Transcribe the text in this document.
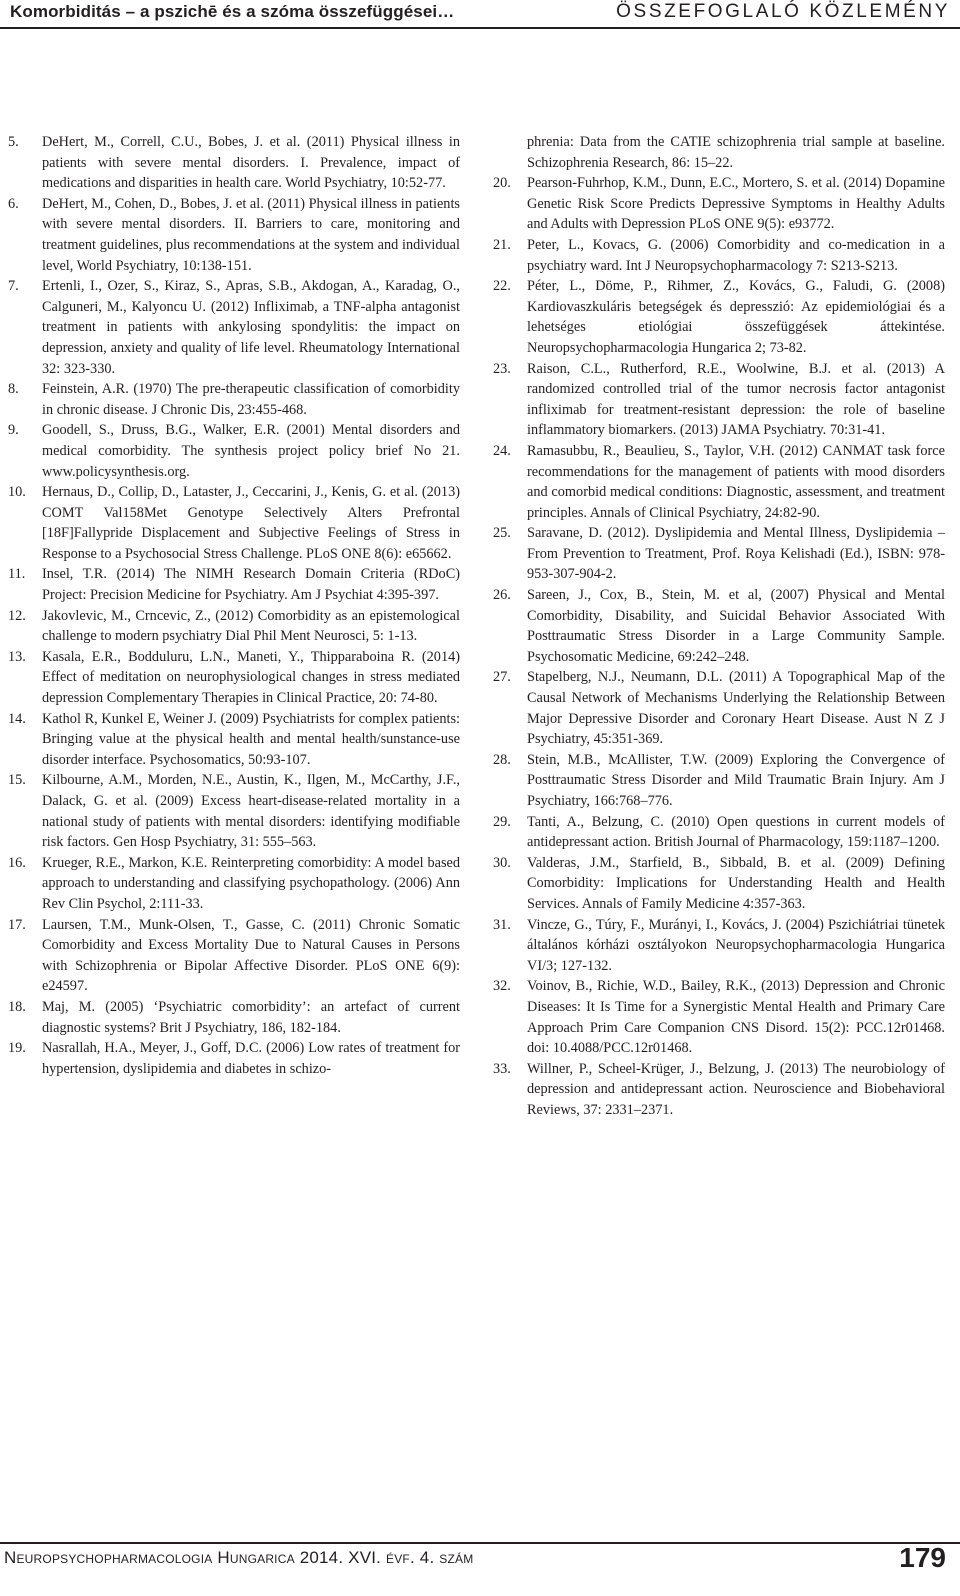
Komorbiditás – a pszichē és a szóma összefüggései…	ÖSSZEFOGLALÓ KÖZLEMÉNY
5.	DeHert, M., Correll, C.U., Bobes, J. et al. (2011) Physical illness in patients with severe mental disorders. I. Prevalence, impact of medications and disparities in health care. World Psychiatry, 10:52-77.
6.	DeHert, M., Cohen, D., Bobes, J. et al. (2011) Physical illness in patients with severe mental disorders. II. Barriers to care, monitoring and treatment guidelines, plus recommendations at the system and individual level, World Psychiatry, 10:138-151.
7.	Ertenli, I., Ozer, S., Kiraz, S., Apras, S.B., Akdogan, A., Karadag, O., Calguneri, M., Kalyoncu U. (2012) Infliximab, a TNF-alpha antagonist treatment in patients with ankylosing spondylitis: the impact on depression, anxiety and quality of life level. Rheumatology International 32: 323-330.
8.	Feinstein, A.R. (1970) The pre-therapeutic classification of comorbidity in chronic disease. J Chronic Dis, 23:455-468.
9.	Goodell, S., Druss, B.G., Walker, E.R. (2001) Mental disorders and medical comorbidity. The synthesis project policy brief No 21. www.policysynthesis.org.
10.	Hernaus, D., Collip, D., Lataster, J., Ceccarini, J., Kenis, G. et al. (2013) COMT Val158Met Genotype Selectively Alters Prefrontal [18F]Fallypride Displacement and Subjective Feelings of Stress in Response to a Psychosocial Stress Challenge. PLoS ONE 8(6): e65662.
11.	Insel, T.R. (2014) The NIMH Research Domain Criteria (RDoC) Project: Precision Medicine for Psychiatry. Am J Psychiat 4:395-397.
12.	Jakovlevic, M., Crncevic, Z., (2012) Comorbidity as an epistemological challenge to modern psychiatry Dial Phil Ment Neurosci, 5: 1-13.
13.	Kasala, E.R., Bodduluru, L.N., Maneti, Y., Thipparaboina R. (2014) Effect of meditation on neurophysiological changes in stress mediated depression Complementary Therapies in Clinical Practice, 20: 74-80.
14.	Kathol R, Kunkel E, Weiner J. (2009) Psychiatrists for complex patients: Bringing value at the physical health and mental health/sunstance-use disorder interface. Psychosomatics, 50:93-107.
15.	Kilbourne, A.M., Morden, N.E., Austin, K., Ilgen, M., McCarthy, J.F., Dalack, G. et al. (2009) Excess heart-disease-related mortality in a national study of patients with mental disorders: identifying modifiable risk factors. Gen Hosp Psychiatry, 31: 555–563.
16.	Krueger, R.E., Markon, K.E. Reinterpreting comorbidity: A model based approach to understanding and classifying psychopathology. (2006) Ann Rev Clin Psychol, 2:111-33.
17.	Laursen, T.M., Munk-Olsen, T., Gasse, C. (2011) Chronic Somatic Comorbidity and Excess Mortality Due to Natural Causes in Persons with Schizophrenia or Bipolar Affective Disorder. PLoS ONE 6(9): e24597.
18.	Maj, M. (2005) ‘Psychiatric comorbidity’: an artefact of current diagnostic systems? Brit J Psychiatry, 186, 182-184.
19.	Nasrallah, H.A., Meyer, J., Goff, D.C. (2006) Low rates of treatment for hypertension, dyslipidemia and diabetes in schizo-
phrenia: Data from the CATIE schizophrenia trial sample at baseline. Schizophrenia Research, 86: 15–22.
20.	Pearson-Fuhrhop, K.M., Dunn, E.C., Mortero, S. et al. (2014) Dopamine Genetic Risk Score Predicts Depressive Symptoms in Healthy Adults and Adults with Depression PLoS ONE 9(5): e93772.
21.	Peter, L., Kovacs, G. (2006) Comorbidity and co-medication in a psychiatry ward. Int J Neuropsychopharmacology 7: S213-S213.
22.	Péter, L., Döme, P., Rihmer, Z., Kovács, G., Faludi, G. (2008) Kardiovaszkuláris betegségek és depresszió: Az epidemiológiai és a lehetséges etiológiai összefüggések áttekintése. Neuropsychopharmacologia Hungarica 2; 73-82.
23.	Raison, C.L., Rutherford, R.E., Woolwine, B.J. et al. (2013) A randomized controlled trial of the tumor necrosis factor antagonist infliximab for treatment-resistant depression: the role of baseline inflammatory biomarkers. (2013) JAMA Psychiatry. 70:31-41.
24.	Ramasubbu, R., Beaulieu, S., Taylor, V.H. (2012) CANMAT task force recommendations for the management of patients with mood disorders and comorbid medical conditions: Diagnostic, assessment, and treatment principles. Annals of Clinical Psychiatry, 24:82-90.
25.	Saravane, D. (2012). Dyslipidemia and Mental Illness, Dyslipidemia – From Prevention to Treatment, Prof. Roya Kelishadi (Ed.), ISBN: 978-953-307-904-2.
26.	Sareen, J., Cox, B., Stein, M. et al, (2007) Physical and Mental Comorbidity, Disability, and Suicidal Behavior Associated With Posttraumatic Stress Disorder in a Large Community Sample. Psychosomatic Medicine, 69:242–248.
27.	Stapelberg, N.J., Neumann, D.L. (2011) A Topographical Map of the Causal Network of Mechanisms Underlying the Relationship Between Major Depressive Disorder and Coronary Heart Disease. Aust N Z J Psychiatry, 45:351-369.
28.	Stein, M.B., McAllister, T.W. (2009) Exploring the Convergence of Posttraumatic Stress Disorder and Mild Traumatic Brain Injury. Am J Psychiatry, 166:768–776.
29.	Tanti, A., Belzung, C. (2010) Open questions in current models of antidepressant action. British Journal of Pharmacology, 159:1187–1200.
30.	Valderas, J.M., Starfield, B., Sibbald, B. et al. (2009) Defining Comorbidity: Implications for Understanding Health and Health Services. Annals of Family Medicine 4:357-363.
31.	Vincze, G., Túry, F., Murányi, I., Kovács, J. (2004) Pszichiátriai tünetek általános kórházi osztályokon Neuropsychopharmacologia Hungarica VI/3; 127-132.
32.	Voinov, B., Richie, W.D., Bailey, R.K., (2013) Depression and Chronic Diseases: It Is Time for a Synergistic Mental Health and Primary Care Approach Prim Care Companion CNS Disord. 15(2): PCC.12r01468. doi: 10.4088/PCC.12r01468.
33.	Willner, P., Scheel-Krüger, J., Belzung, J. (2013) The neurobiology of depression and antidepressant action. Neuroscience and Biobehavioral Reviews, 37: 2331–2371.
Neuropsychopharmacologia Hungarica 2014. XVI. évf. 4. szám	179
